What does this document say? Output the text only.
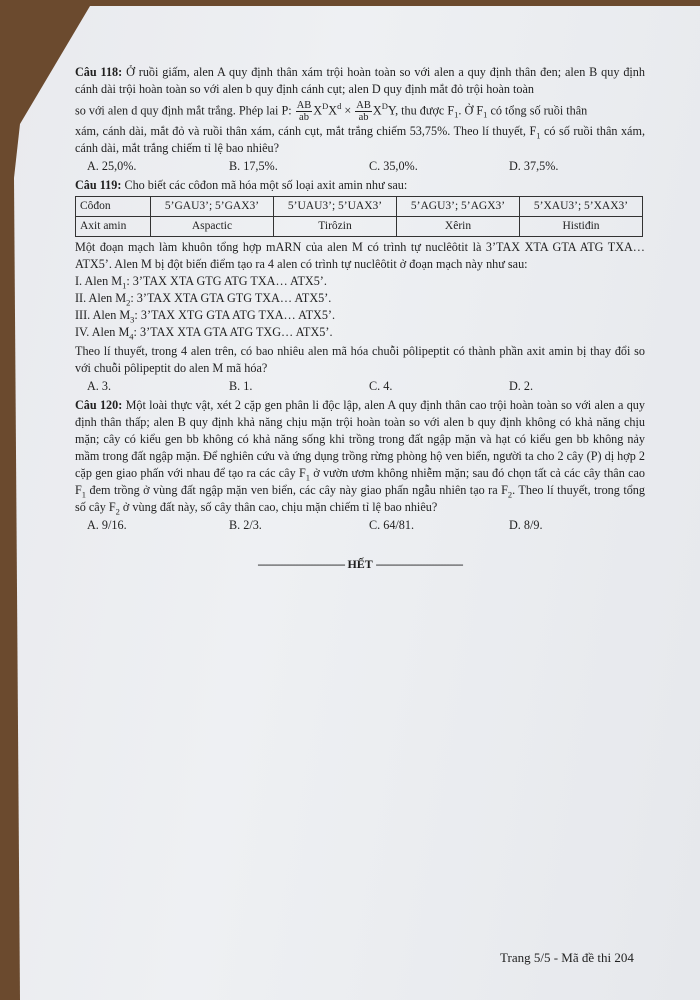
Câu 118: Ở ruồi giấm, alen A quy định thân xám trội hoàn toàn so với alen a quy định thân đen; alen B quy định cánh dài trội hoàn toàn so với alen b quy định cánh cụt; alen D quy định mắt đỏ trội hoàn toàn

so với alen d quy định mắt trắng. Phép lai P: $\frac{AB}{ab} X^DX^d \times \frac{AB}{ab} X^DY$, thu được $F_1$. Ở $F_1$ có tổng số ruồi thân

xám, cánh dài, mắt đỏ và ruồi thân xám, cánh cụt, mắt trắng chiếm 53,75%. Theo lí thuyết, $F_1$ có số ruồi thân xám, cánh dài, mắt trắng chiếm tỉ lệ bao nhiêu?

A. 25,0%.	B. 17,5%.	C. 35,0%.	D. 37,5%.

Câu 119: Cho biết các côđon mã hóa một số loại axit amin như sau:

Côđon	5’GAU3’; 5’GAX3’	5’UAU3’; 5’UAX3’	5’AGU3’; 5’AGX3’	5’XAU3’; 5’XAX3’
Axit amin	Aspactic	Tirôzin	Xêrin	Histiđin

Một đoạn mạch làm khuôn tổng hợp mARN của alen M có trình tự nuclêôtit là 3’TAX XTA GTA ATG TXA… ATX5’. Alen M bị đột biến điểm tạo ra 4 alen có trình tự nuclêôtit ở đoạn mạch này như sau:

I. Alen $M_1$: 3’TAX XTA GTG ATG TXA… ATX5’.

II. Alen $M_2$: 3’TAX XTA GTA GTG TXA… ATX5’.

III. Alen $M_3$: 3’TAX XTG GTA ATG TXA… ATX5’.

IV. Alen $M_4$: 3’TAX XTA GTA ATG TXG… ATX5’.

Theo lí thuyết, trong 4 alen trên, có bao nhiêu alen mã hóa chuỗi pôlipeptit có thành phần axit amin bị thay đổi so với chuỗi pôlipeptit do alen M mã hóa?

A. 3.	B. 1.	C. 4.	D. 2.

Câu 120: Một loài thực vật, xét 2 cặp gen phân li độc lập, alen A quy định thân cao trội hoàn toàn so với alen a quy định thân thấp; alen B quy định khả năng chịu mặn trội hoàn toàn so với alen b quy định không có khả năng chịu mặn; cây có kiểu gen bb không có khả năng sống khi trồng trong đất ngập mặn và hạt có kiểu gen bb không nảy mầm trong đất ngập mặn. Để nghiên cứu và ứng dụng trồng rừng phòng hộ ven biển, người ta cho 2 cây (P) dị hợp 2 cặp gen giao phấn với nhau để tạo ra các cây $F_1$ ở vườn ươm không nhiễm mặn; sau đó chọn tất cả các cây thân cao $F_1$ đem trồng ở vùng đất ngập mặn ven biển, các cây này giao phấn ngẫu nhiên tạo ra $F_2$. Theo lí thuyết, trong tổng số cây $F_2$ ở vùng đất này, số cây thân cao, chịu mặn chiếm tỉ lệ bao nhiêu?

A. 9/16.	B. 2/3.	C. 64/81.	D. 8/9.
----------------------------- HẾT -----------------------------
Trang 5/5 - Mã đề thi 204
